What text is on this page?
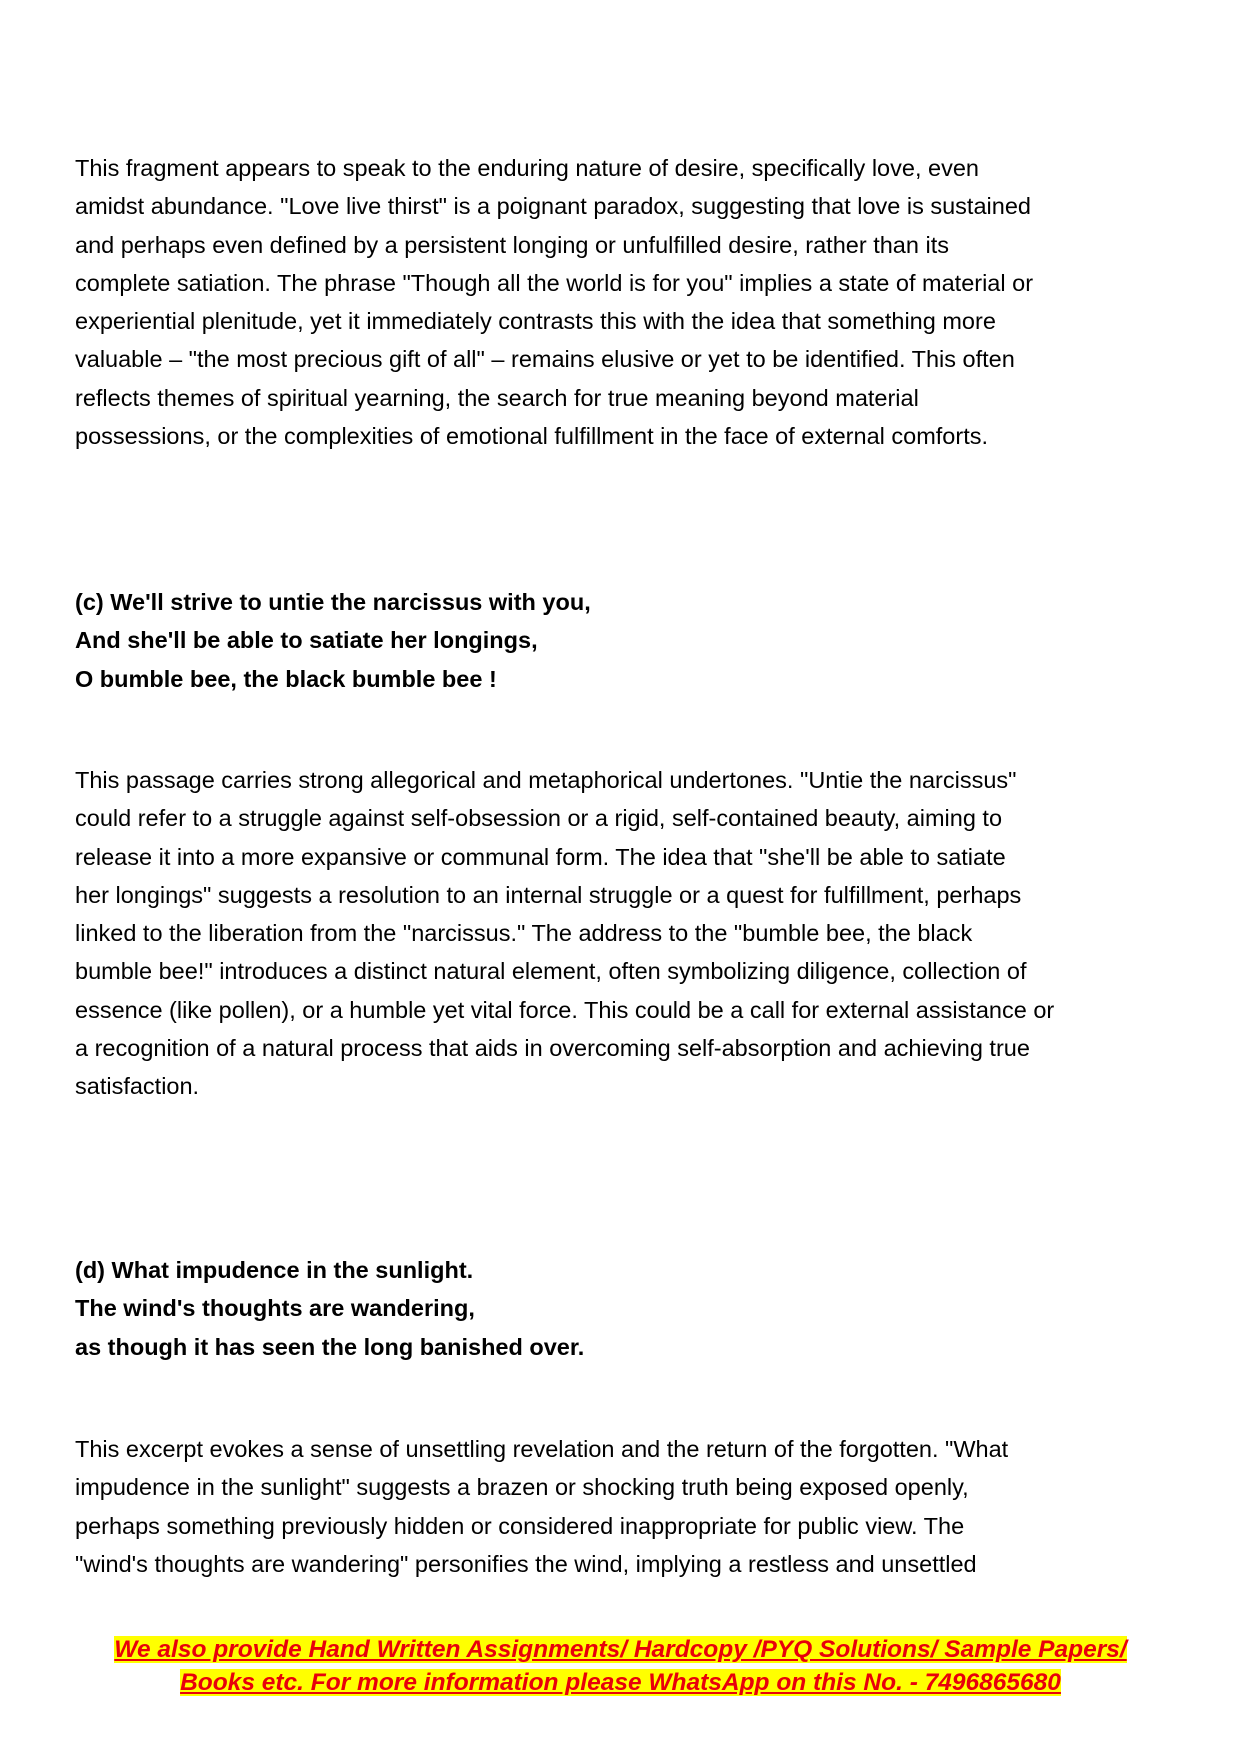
This fragment appears to speak to the enduring nature of desire, specifically love, even
amidst abundance. "Love live thirst" is a poignant paradox, suggesting that love is sustained
and perhaps even defined by a persistent longing or unfulfilled desire, rather than its
complete satiation. The phrase "Though all the world is for you" implies a state of material or
experiential plenitude, yet it immediately contrasts this with the idea that something more
valuable – "the most precious gift of all" – remains elusive or yet to be identified. This often
reflects themes of spiritual yearning, the search for true meaning beyond material
possessions, or the complexities of emotional fulfillment in the face of external comforts.

(c) We'll strive to untie the narcissus with you,
And she'll be able to satiate her longings,
O bumble bee, the black bumble bee !

This passage carries strong allegorical and metaphorical undertones. "Untie the narcissus"
could refer to a struggle against self-obsession or a rigid, self-contained beauty, aiming to
release it into a more expansive or communal form. The idea that "she'll be able to satiate
her longings" suggests a resolution to an internal struggle or a quest for fulfillment, perhaps
linked to the liberation from the "narcissus." The address to the "bumble bee, the black
bumble bee!" introduces a distinct natural element, often symbolizing diligence, collection of
essence (like pollen), or a humble yet vital force. This could be a call for external assistance or
a recognition of a natural process that aids in overcoming self-absorption and achieving true
satisfaction.

(d) What impudence in the sunlight.
The wind's thoughts are wandering,
as though it has seen the long banished over.

This excerpt evokes a sense of unsettling revelation and the return of the forgotten. "What
impudence in the sunlight" suggests a brazen or shocking truth being exposed openly,
perhaps something previously hidden or considered inappropriate for public view. The
"wind's thoughts are wandering" personifies the wind, implying a restless and unsettled

We also provide Hand Written Assignments/ Hardcopy /PYQ Solutions/ Sample Papers/
Books etc. For more information please WhatsApp on this No. - 7496865680
